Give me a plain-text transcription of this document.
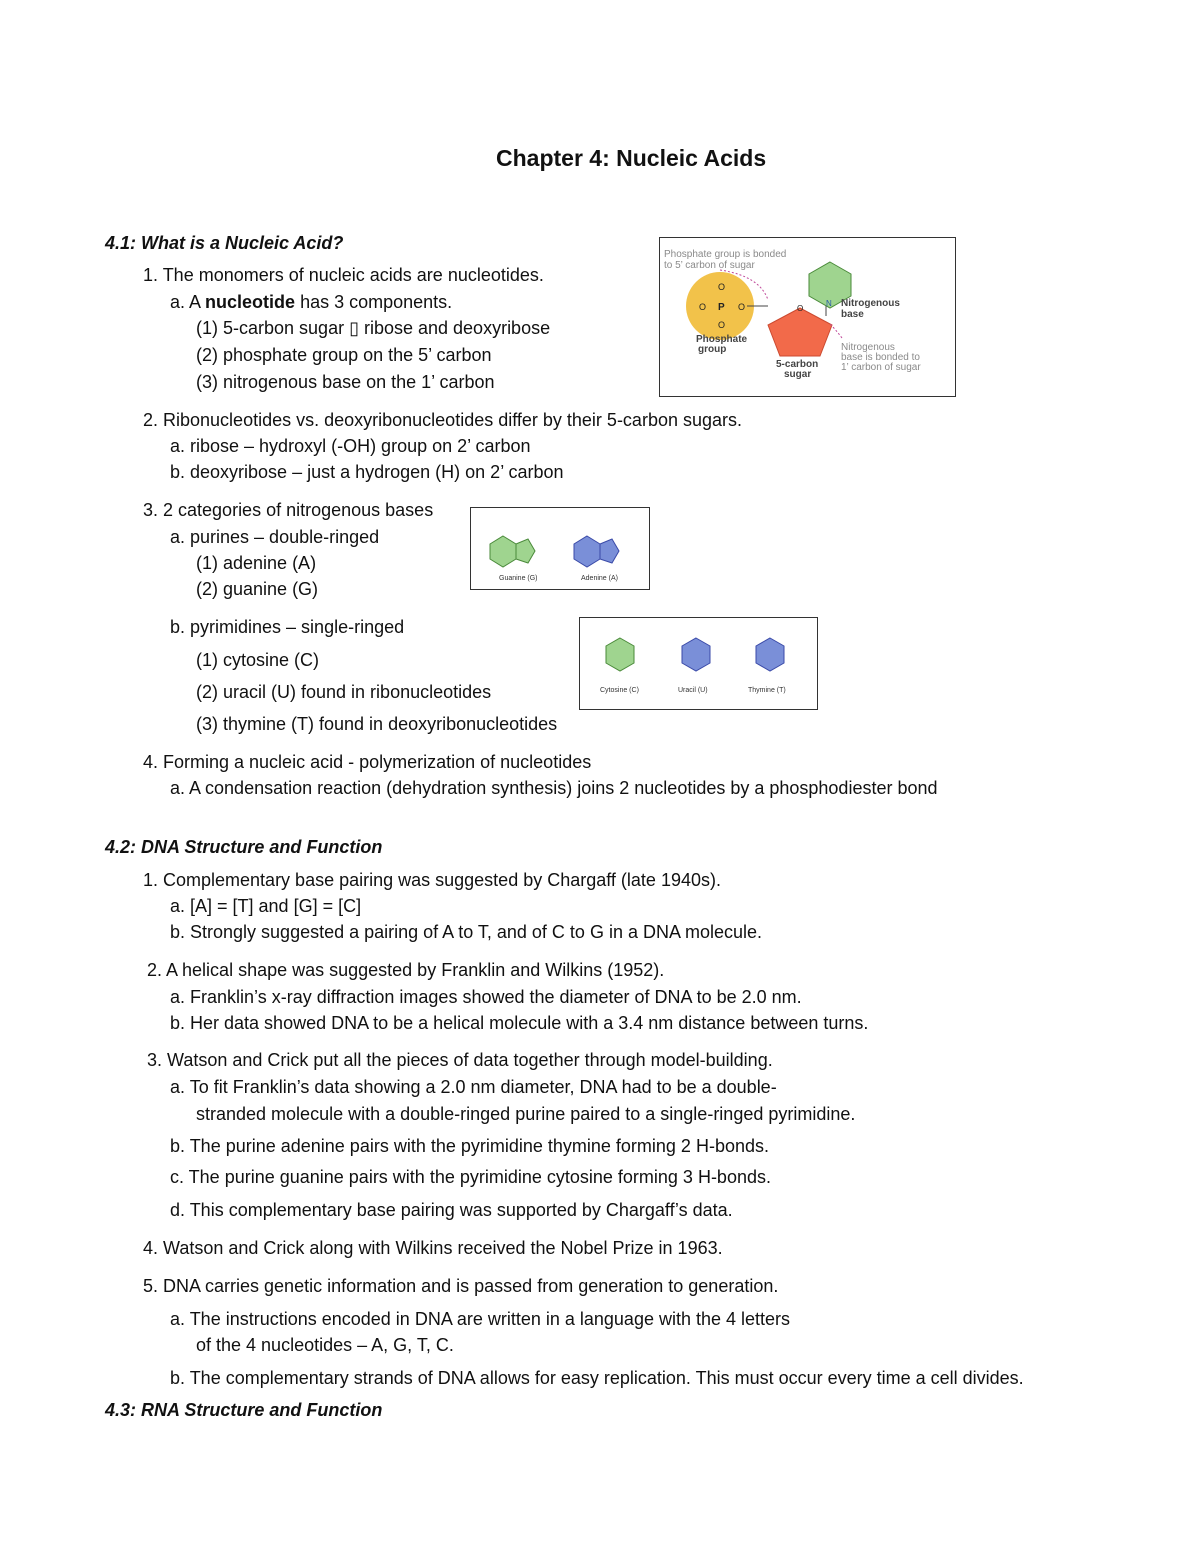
Chapter 4: Nucleic Acids
4.1: What is a Nucleic Acid?
1. The monomers of nucleic acids are nucleotides.
a. A nucleotide has 3 components.
(1) 5-carbon sugar ▯ ribose and deoxyribose
(2) phosphate group on the 5’ carbon
(3) nitrogenous base on the 1’ carbon
2. Ribonucleotides vs. deoxyribonucleotides differ by their 5-carbon sugars.
a. ribose – hydroxyl (-OH) group on 2’ carbon
b. deoxyribose – just a hydrogen (H) on 2’ carbon
3. 2 categories of nitrogenous bases
a. purines – double-ringed
(1) adenine (A)
(2) guanine (G)
b. pyrimidines – single-ringed
(1) cytosine (C)
(2) uracil (U) found in ribonucleotides
(3) thymine (T) found in deoxyribonucleotides
4. Forming a nucleic acid - polymerization of nucleotides
a. A condensation reaction (dehydration synthesis) joins 2 nucleotides by a phosphodiester bond
4.2: DNA Structure and Function
1. Complementary base pairing was suggested by Chargaff (late 1940s).
a. [A] = [T] and [G] = [C]
b. Strongly suggested a pairing of A to T, and of C to G in a DNA molecule.
2. A helical shape was suggested by Franklin and Wilkins (1952).
a. Franklin’s x-ray diffraction images showed the diameter of DNA to be 2.0 nm.
b. Her data showed DNA to be a helical molecule with a 3.4 nm distance between turns.
3. Watson and Crick put all the pieces of data together through model-building.
a. To fit Franklin’s data showing a 2.0 nm diameter, DNA had to be a double-
stranded molecule with a double-ringed purine paired to a single-ringed pyrimidine.
b. The purine adenine pairs with the pyrimidine thymine forming 2 H-bonds.
c. The purine guanine pairs with the pyrimidine cytosine forming 3 H-bonds.
d. This complementary base pairing was supported by Chargaff’s data.
4. Watson and Crick along with Wilkins received the Nobel Prize in 1963.
5. DNA carries genetic information and is passed from generation to generation.
a. The instructions encoded in DNA are written in a language with the 4 letters
of the 4 nucleotides – A, G, T, C.
b. The complementary strands of DNA allows for easy replication. This must occur every time a cell divides.
4.3: RNA Structure and Function
Phosphate group is bonded
to 5’ carbon of sugar
O
O P O
O
Phosphate
group
O
5-carbon
sugar
N Nitrogenous
base
Nitrogenous
base is bonded to
1’ carbon of sugar
Guanine (G)	Adenine (A)
Cytosine (C)	Uracil (U)	Thymine (T)
